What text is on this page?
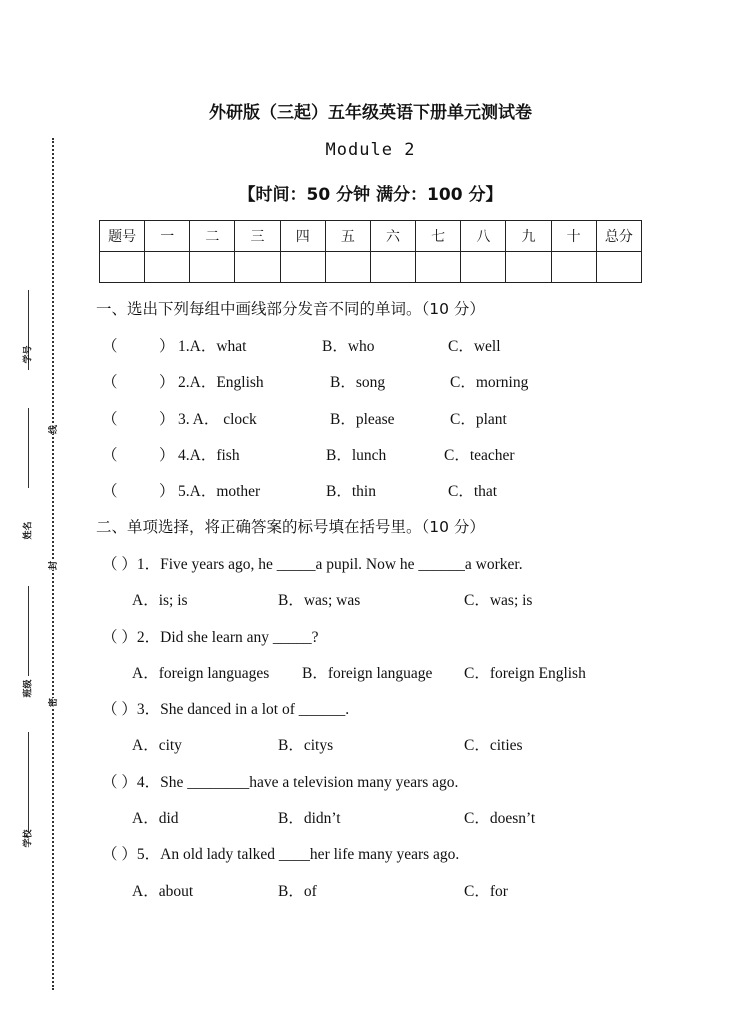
学号
姓名
班级
学校
线
封
密
外研版（三起）五年级英语下册单元测试卷
Module 2
【时间：50 分钟 满分：100 分】
题号	一	二	三	四	五	六	七	八	九	十	总分

一、选出下列每组中画线部分发音不同的单词。（10 分）
（	） 1.A．what	B．who	C．well
（	） 2.A．English	B．song	C．morning
（	） 3. A． clock	B．please	C．plant
（	） 4.A．fish	B．lunch	C．teacher
（	） 5.A．mother	B．thin	C．that
二、单项选择，将正确答案的标号填在括号里。（10 分）
（ ）1．Five years ago, he _____a pupil. Now he ______a worker.
A．is; is	B．was; was	C．was; is
（ ）2．Did she learn any _____?
A．foreign languages B．foreign language C．foreign English
（ ）3．She danced in a lot of ______.
A．city	B．citys	C．cities
（ ）4．She ________have a television many years ago.
A．did	B．didn’t	C．doesn’t
（ ）5．An old lady talked ____her life many years ago.
A．about	B．of	C．for
